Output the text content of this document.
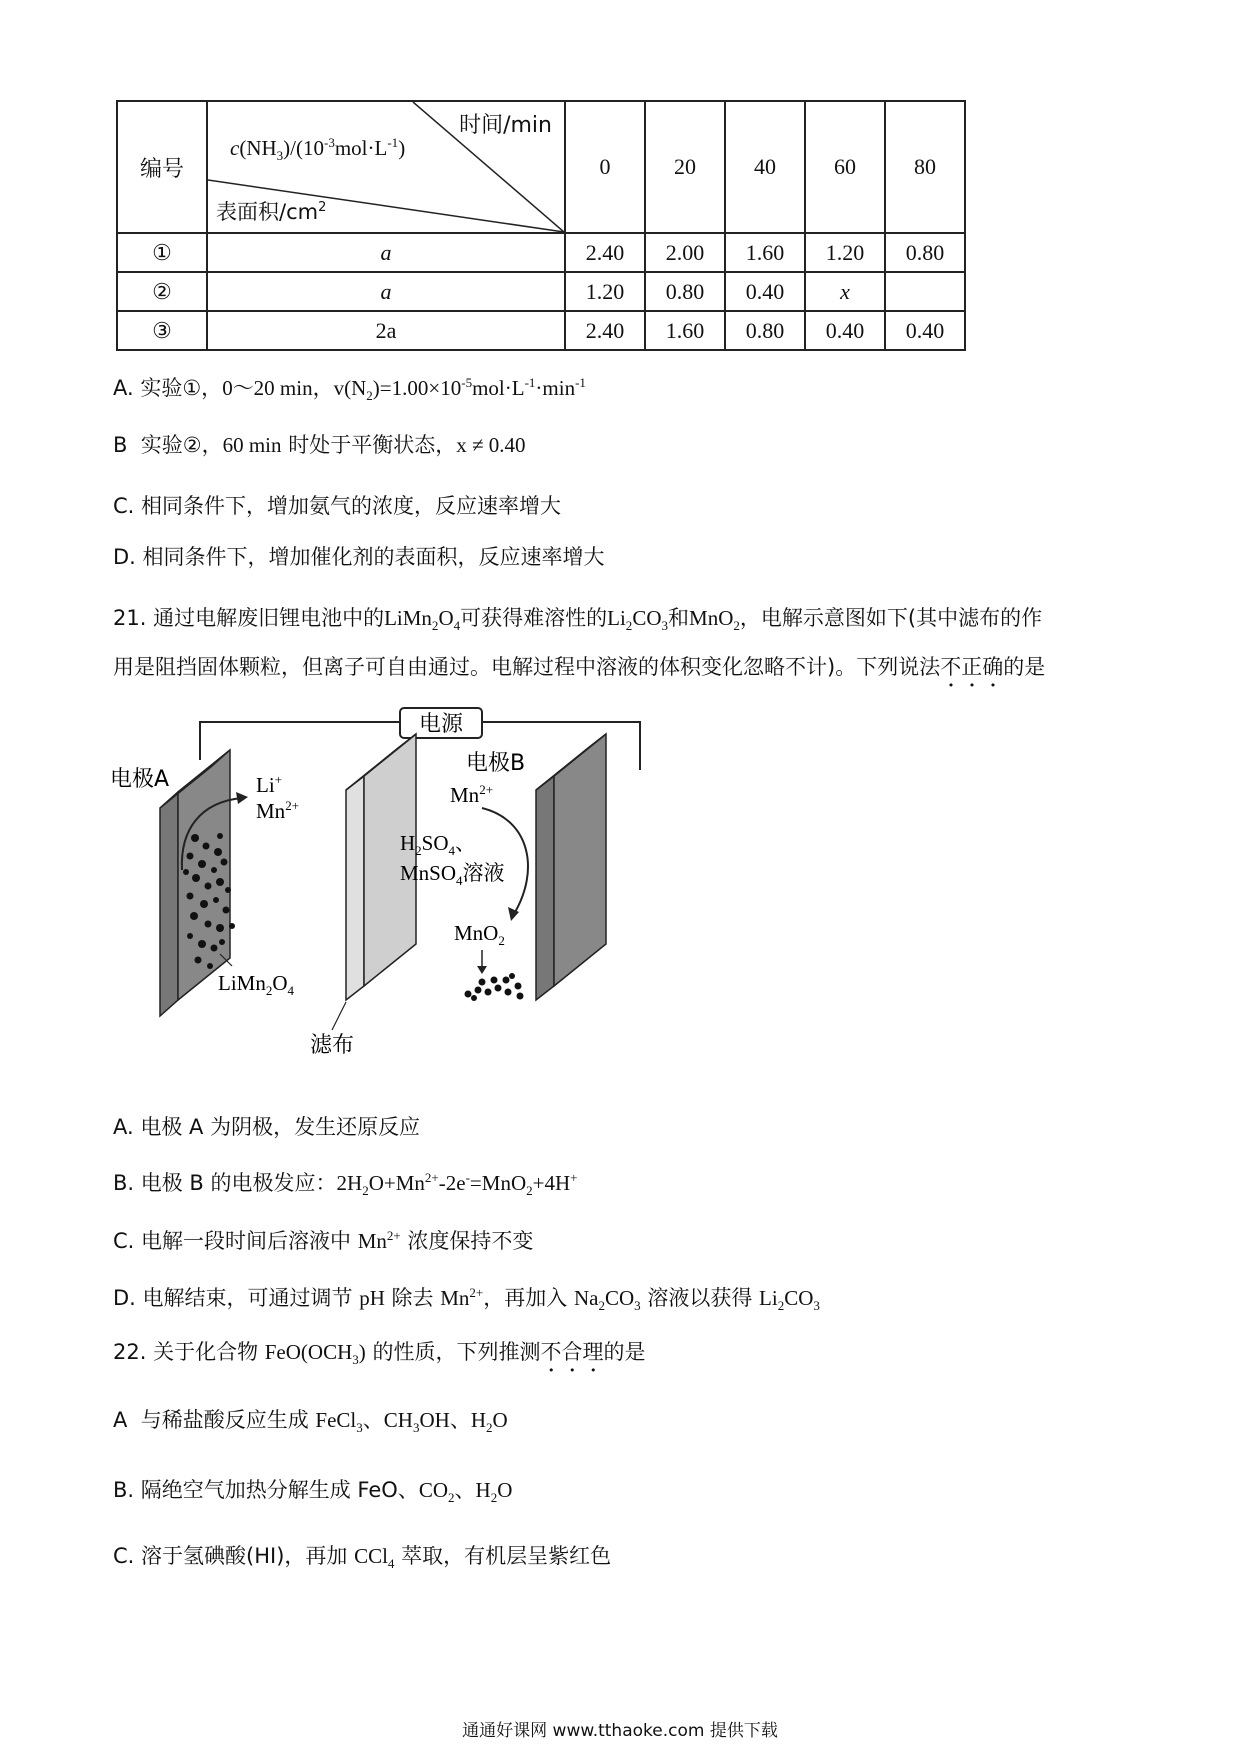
编号	时间/min
$c(NH_3)/(10^{-3}mol\cdot L^{-1})$
表面积$/cm^2$	0	20	40	60	80
①	a	2.40	2.00	1.60	1.20	0.80
②	a	1.20	0.80	0.40	x	
③	2a	2.40	1.60	0.80	0.40	0.40
A. 实验①，0～20 min，$v(N_2)=1.00\times 10^{-5}mol\cdot L^{-1}\cdot\min^{-1}$
B  实验②，60 min 时处于平衡状态，x ≠ 0.40
C. 相同条件下，增加氨气的浓度，反应速率增大
D. 相同条件下，增加催化剂的表面积，反应速率增大
21. 通过电解废旧锂电池中的$LiMn_2O_4$可获得难溶性的$Li_2CO_3$和MnO$_2$，电解示意图如下(其中滤布的作
用是阻挡固体颗粒，但离子可自由通过。电解过程中溶液的体积变化忽略不计)。下列说法不正确的是
电源
电极A
滤布
电极B
Li+
$Mn^{2+}$
$LiMn_2O_4$
$H_2SO_4$、
MnSO$_4$溶液
$Mn^{2+}$
MnO$_2$
A. 电极 A 为阴极，发生还原反应
B. 电极 B 的电极发应：$2H_2O+Mn^{2+}-2e^-=MnO_2+4H^+$
C. 电解一段时间后溶液中 $Mn^{2+}$ 浓度保持不变
D. 电解结束，可通过调节 pH 除去 $Mn^{2+}$，再加入 $Na_2CO_3$ 溶液以获得 $Li_2CO_3$
22. 关于化合物 $FeO(OCH_3)$ 的性质，下列推测不合理的是
A  与稀盐酸反应生成 FeCl$_3$、$CH_3OH$、$H_2O$
B. 隔绝空气加热分解生成 FeO、$CO_2$、$H_2O$
C. 溶于氢碘酸(HI)，再加 CCl$_4$ 萃取，有机层呈紫红色
通通好课网 www.tthaoke.com 提供下载
